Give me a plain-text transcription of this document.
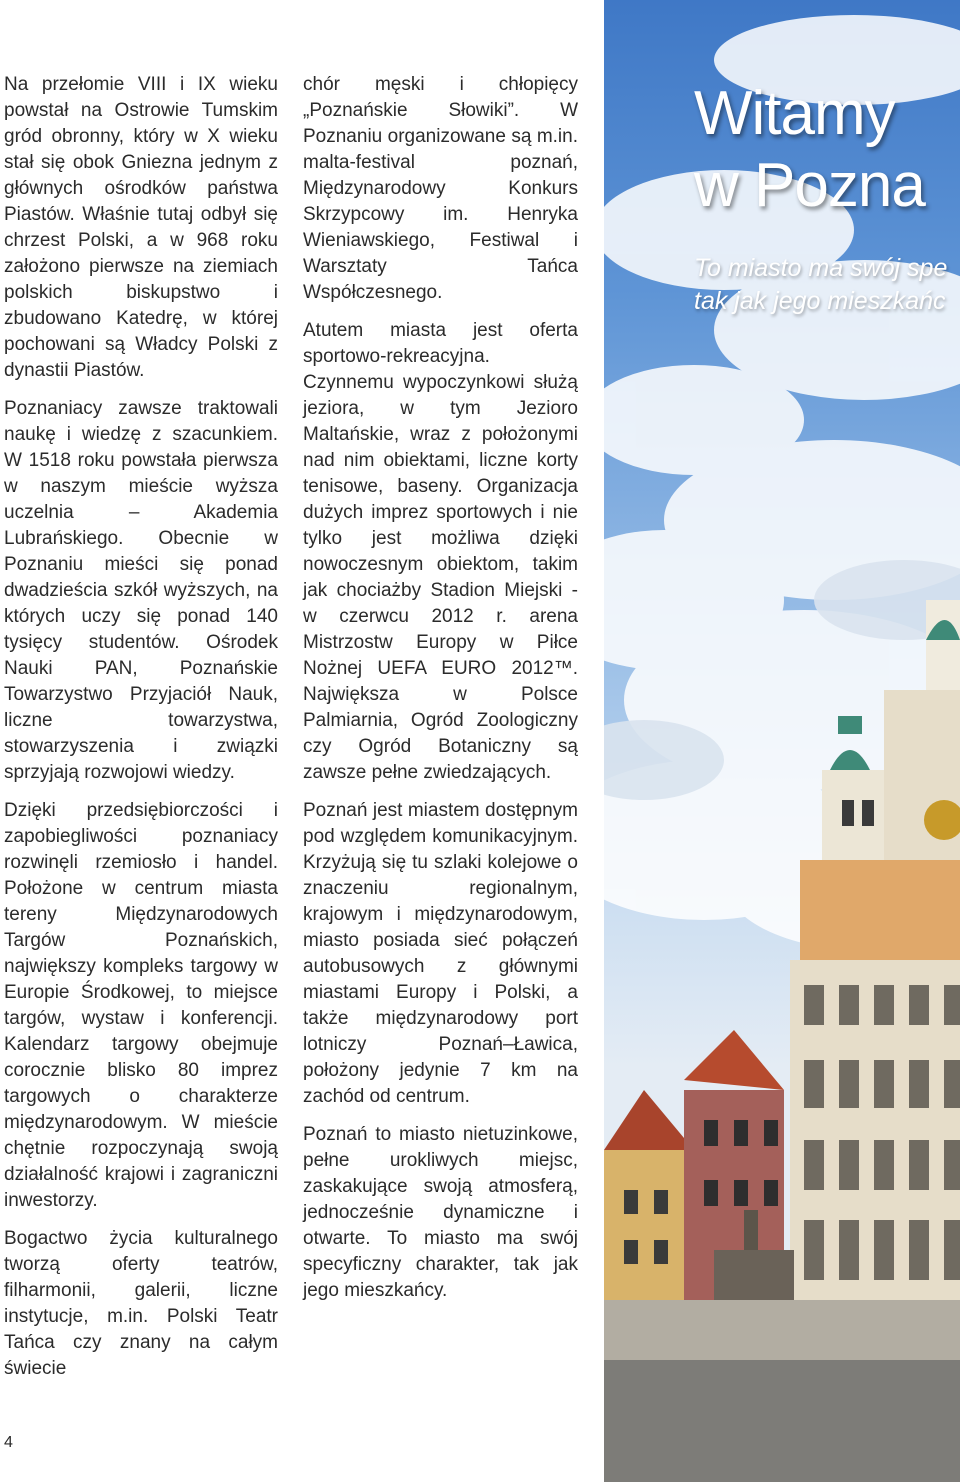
Na przełomie VIII i IX wieku powstał na Ostrowie Tumskim gród obronny, który w X wieku stał się obok Gniezna jednym z głównych ośrodków państwa Piastów. Właśnie tutaj odbył się chrzest Polski, a w 968 roku założono pierwsze na ziemiach polskich biskupstwo i zbudowano Katedrę, w której pochowani są Władcy Polski z dynastii Piastów.

Poznaniacy zawsze traktowali naukę i wiedzę z szacunkiem. W 1518 roku powstała pierwsza w naszym mieście wyższa uczelnia – Akademia Lubrańskiego. Obecnie w Poznaniu mieści się ponad dwadzieścia szkół wyższych, na których uczy się ponad 140 tysięcy studentów. Ośrodek Nauki PAN, Poznańskie Towarzystwo Przyjaciół Nauk, liczne towarzystwa, stowarzyszenia i związki sprzyjają rozwojowi wiedzy.

Dzięki przedsiębiorczości i zapobiegliwości poznaniacy rozwinęli rzemiosło i handel. Położone w centrum miasta tereny Międzynarodowych Targów Poznańskich, największy kompleks targowy w Europie Środkowej, to miejsce targów, wystaw i konferencji. Kalendarz targowy obejmuje corocznie blisko 80 imprez targowych o charakterze międzynarodowym. W mieście chętnie rozpoczynają swoją działalność krajowi i zagraniczni inwestorzy.

Bogactwo życia kulturalnego tworzą oferty teatrów, filharmonii, galerii, liczne instytucje, m.in. Polski Teatr Tańca czy znany na całym świecie

chór męski i chłopięcy „Poznańskie Słowiki”. W Poznaniu organizowane są m.in. malta-festival poznań, Międzynarodowy Konkurs Skrzypcowy im. Henryka Wieniawskiego, Festiwal i Warsztaty Tańca Współczesnego.

Atutem miasta jest oferta sportowo-rekreacyjna. Czynnemu wypoczynkowi służą jeziora, w tym Jezioro Maltańskie, wraz z położonymi nad nim obiektami, liczne korty tenisowe, baseny. Organizacja dużych imprez sportowych i nie tylko jest możliwa dzięki nowoczesnym obiektom, takim jak chociażby Stadion Miejski - w czerwcu 2012 r. arena Mistrzostw Europy w Piłce Nożnej UEFA EURO 2012™. Największa w Polsce Palmiarnia, Ogród Zoologiczny czy Ogród Botaniczny są zawsze pełne zwiedzających.

Poznań jest miastem dostępnym pod względem komunikacyjnym. Krzyżują się tu szlaki kolejowe o znaczeniu regionalnym, krajowym i międzynarodowym, miasto posiada sieć połączeń autobusowych z głównymi miastami Europy i Polski, a także międzynarodowy port lotniczy Poznań–Ławica, położony jedynie 7 km na zachód od centrum.

Poznań to miasto nietuzinkowe, pełne urokliwych miejsc, zaskakujące swoją atmosferą, jednocześnie dynamiczne i otwarte. To miasto ma swój specyficzny charakter, tak jak jego mieszkańcy.

4
Witamy
w Pozna
To miasto ma swój spe
tak jak jego mieszkańc
